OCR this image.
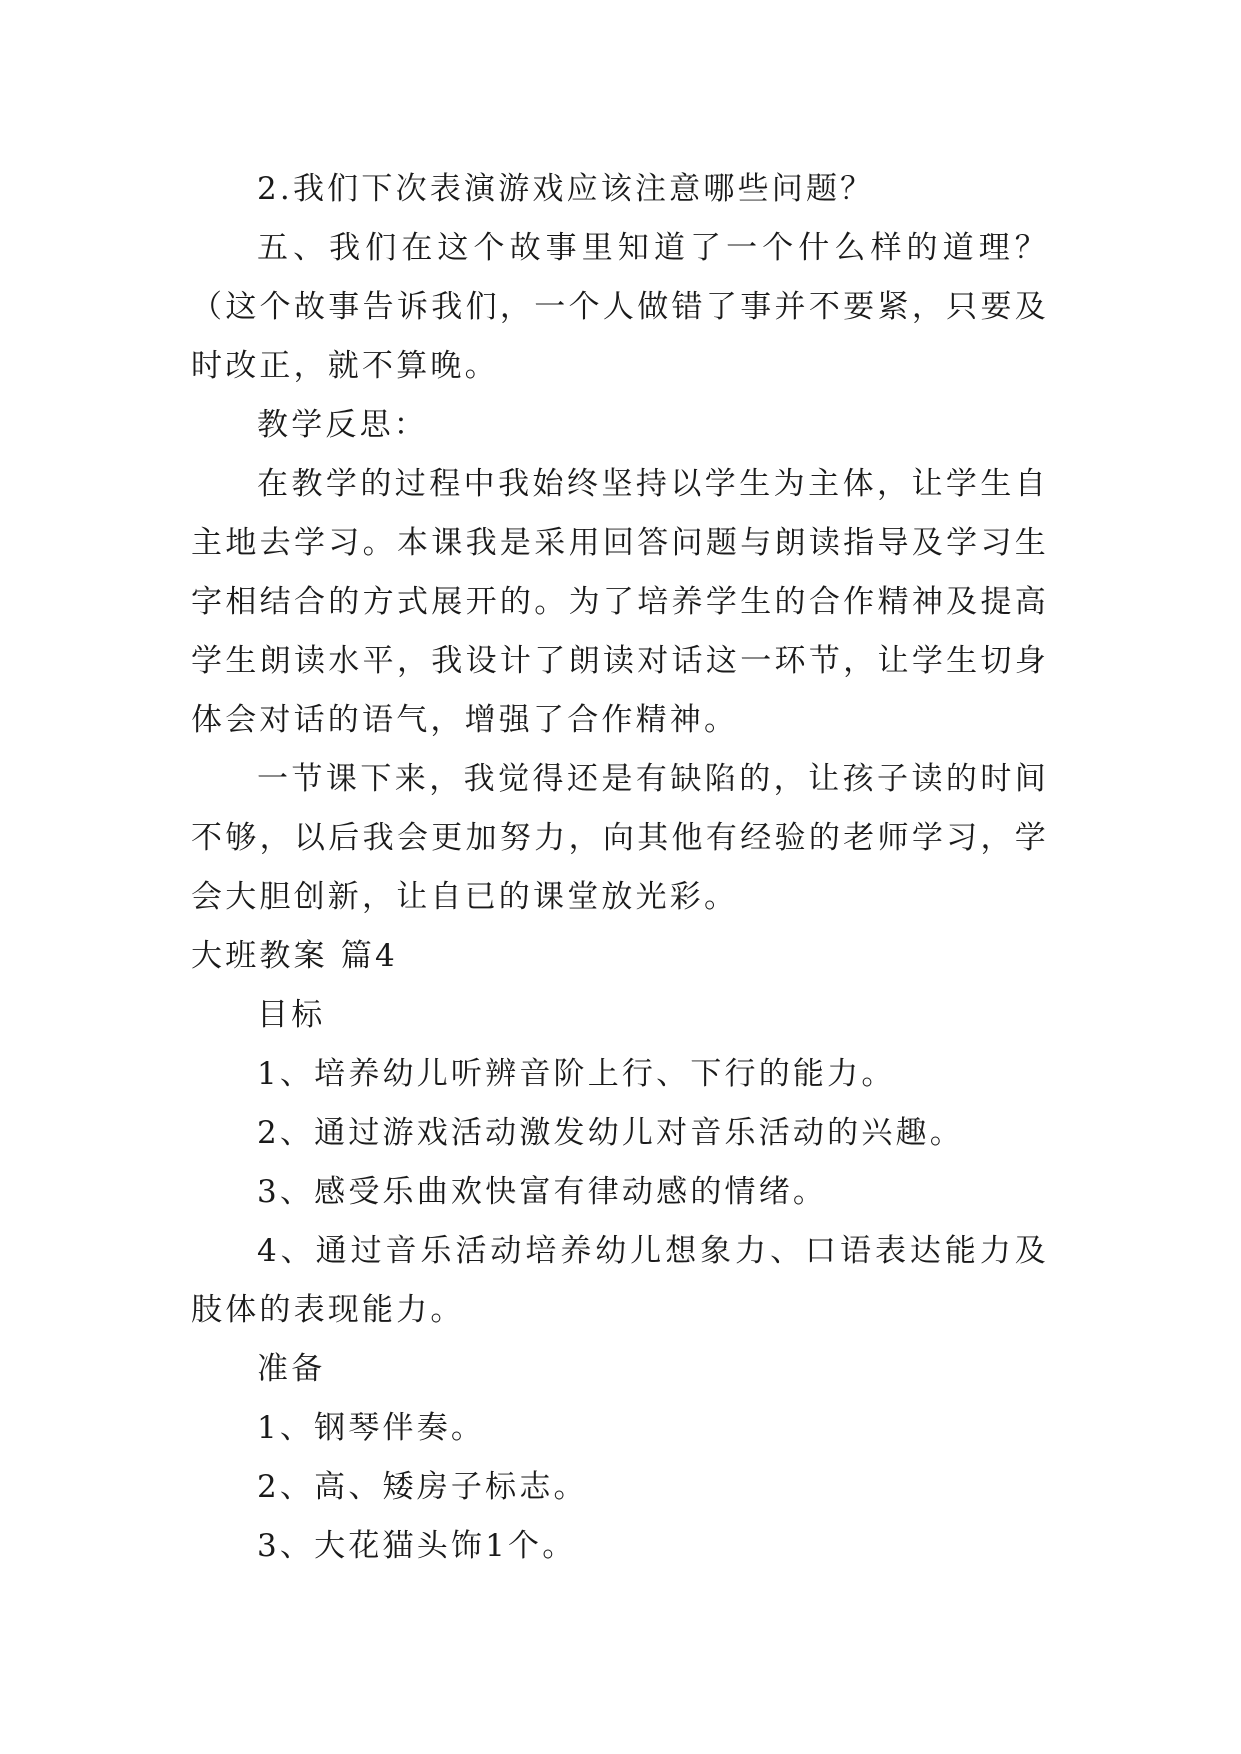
2.我们下次表演游戏应该注意哪些问题？

五、我们在这个故事里知道了一个什么样的道理？（这个故事告诉我们，一个人做错了事并不要紧，只要及时改正，就不算晚。

教学反思：

在教学的过程中我始终坚持以学生为主体，让学生自主地去学习。本课我是采用回答问题与朗读指导及学习生字相结合的方式展开的。为了培养学生的合作精神及提高学生朗读水平，我设计了朗读对话这一环节，让学生切身体会对话的语气，增强了合作精神。

一节课下来，我觉得还是有缺陷的，让孩子读的时间不够，以后我会更加努力，向其他有经验的老师学习，学会大胆创新，让自已的课堂放光彩。

大班教案 篇4

目标

1、培养幼儿听辨音阶上行、下行的能力。

2、通过游戏活动激发幼儿对音乐活动的兴趣。

3、感受乐曲欢快富有律动感的情绪。

4、通过音乐活动培养幼儿想象力、口语表达能力及肢体的表现能力。

准备

1、钢琴伴奏。

2、高、矮房子标志。

3、大花猫头饰1个。
